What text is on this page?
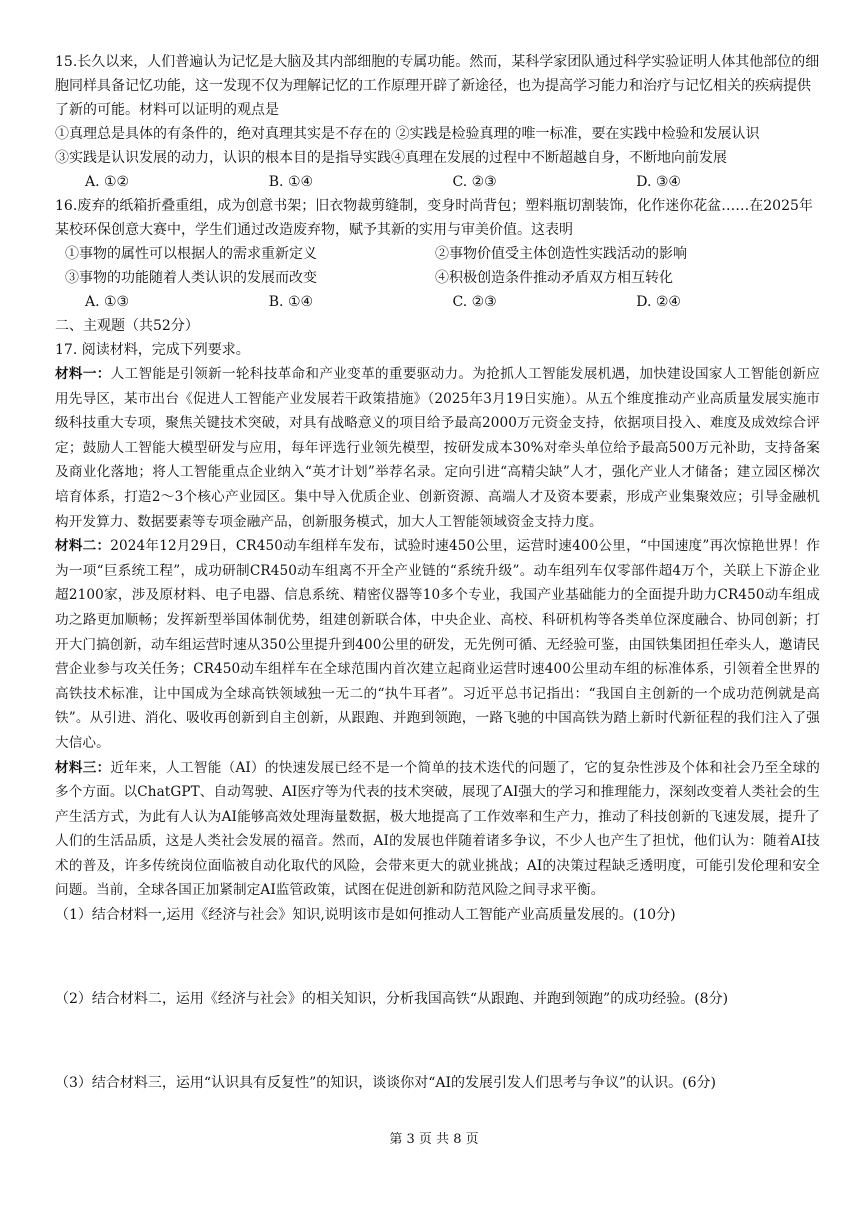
15.长久以来，人们普遍认为记忆是大脑及其内部细胞的专属功能。然而，某科学家团队通过科学实验证明人体其他部位的细胞同样具备记忆功能，这一发现不仅为理解记忆的工作原理开辟了新途径，也为提高学习能力和治疗与记忆相关的疾病提供了新的可能。材料可以证明的观点是
①真理总是具体的有条件的，绝对真理其实是不存在的 ②实践是检验真理的唯一标准，要在实践中检验和发展认识
③实践是认识发展的动力，认识的根本目的是指导实践④真理在发展的过程中不断超越自身，不断地向前发展
A. ①②	B. ①④	C. ②③	D. ③④
16.废弃的纸箱折叠重组，成为创意书架；旧衣物裁剪缝制，变身时尚背包；塑料瓶切割装饰，化作迷你花盆……在2025年某校环保创意大赛中，学生们通过改造废弃物，赋予其新的实用与审美价值。这表明
①事物的属性可以根据人的需求重新定义	②事物价值受主体创造性实践活动的影响
③事物的功能随着人类认识的发展而改变	④积极创造条件推动矛盾双方相互转化
A. ①③	B. ①④	C. ②③	D. ②④
二、主观题（共52分）
17. 阅读材料，完成下列要求。
材料一：人工智能是引领新一轮科技革命和产业变革的重要驱动力。为抢抓人工智能发展机遇，加快建设国家人工智能创新应用先导区，某市出台《促进人工智能产业发展若干政策措施》（2025年3月19日实施）。从五个维度推动产业高质量发展实施市级科技重大专项，聚焦关键技术突破，对具有战略意义的项目给予最高2000万元资金支持，依据项目投入、难度及成效综合评定；鼓励人工智能大模型研发与应用，每年评选行业领先模型，按研发成本30%对牵头单位给予最高500万元补助，支持备案及商业化落地；将人工智能重点企业纳入“英才计划”举荐名录。定向引进“高精尖缺”人才，强化产业人才储备；建立园区梯次培育体系，打造2～3个核心产业园区。集中导入优质企业、创新资源、高端人才及资本要素，形成产业集聚效应；引导金融机构开发算力、数据要素等专项金融产品，创新服务模式，加大人工智能领域资金支持力度。
材料二：2024年12月29日，CR450动车组样车发布，试验时速450公里，运营时速400公里，“中国速度”再次惊艳世界！作为一项“巨系统工程”，成功研制CR450动车组离不开全产业链的“系统升级”。动车组列车仅零部件超4万个，关联上下游企业超2100家，涉及原材料、电子电器、信息系统、精密仪器等10多个专业，我国产业基础能力的全面提升助力CR450动车组成功之路更加顺畅；发挥新型举国体制优势，组建创新联合体，中央企业、高校、科研机构等各类单位深度融合、协同创新；打开大门搞创新，动车组运营时速从350公里提升到400公里的研发，无先例可循、无经验可鉴，由国铁集团担任牵头人，邀请民营企业参与攻关任务；CR450动车组样车在全球范围内首次建立起商业运营时速400公里动车组的标准体系，引领着全世界的高铁技术标准，让中国成为全球高铁领域独一无二的“执牛耳者”。习近平总书记指出：“我国自主创新的一个成功范例就是高铁”。从引进、消化、吸收再创新到自主创新，从跟跑、并跑到领跑，一路飞驰的中国高铁为踏上新时代新征程的我们注入了强大信心。
材料三：近年来，人工智能（AI）的快速发展已经不是一个简单的技术迭代的问题了，它的复杂性涉及个体和社会乃至全球的多个方面。以ChatGPT、自动驾驶、AI医疗等为代表的技术突破，展现了AI强大的学习和推理能力，深刻改变着人类社会的生产生活方式，为此有人认为AI能够高效处理海量数据，极大地提高了工作效率和生产力，推动了科技创新的飞速发展，提升了人们的生活品质，这是人类社会发展的福音。然而，AI的发展也伴随着诸多争议，不少人也产生了担忧，他们认为：随着AI技术的普及，许多传统岗位面临被自动化取代的风险，会带来更大的就业挑战；AI的决策过程缺乏透明度，可能引发伦理和安全问题。当前，全球各国正加紧制定AI监管政策，试图在促进创新和防范风险之间寻求平衡。
（1）结合材料一,运用《经济与社会》知识,说明该市是如何推动人工智能产业高质量发展的。(10分)
（2）结合材料二，运用《经济与社会》的相关知识，分析我国高铁“从跟跑、并跑到领跑”的成功经验。(8分)
（3）结合材料三，运用“认识具有反复性”的知识，谈谈你对“AI的发展引发人们思考与争议”的认识。(6分)
第 3 页 共 8 页
